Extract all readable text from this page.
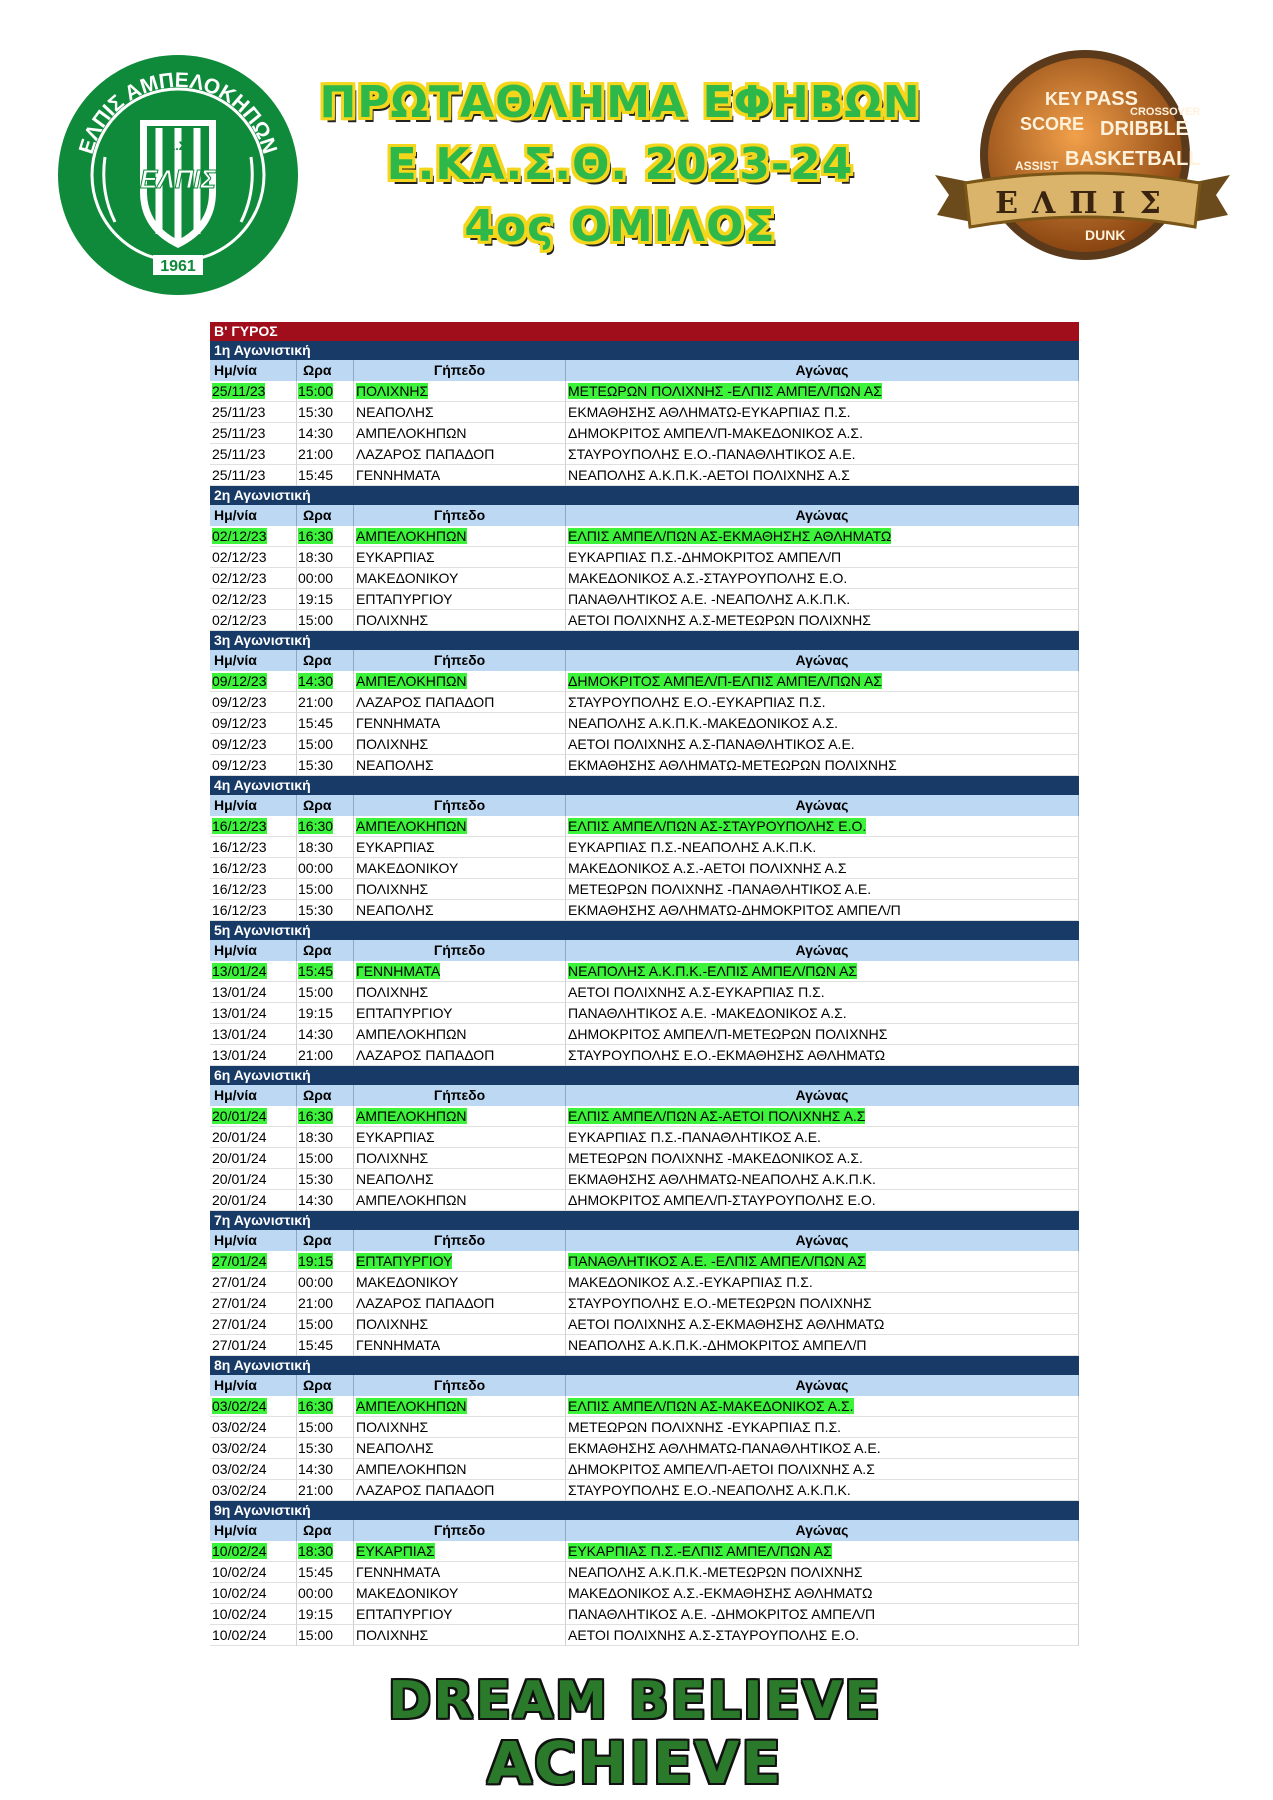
ΕΛΠΙΣ ΑΜΠΕΛΟΚΗΠΩΝ
Α.Σ.
ΕΛΠΙΣ
1961
ΠΡΩΤΑΘΛΗΜΑ ΕΦΗΒΩΝ
Ε.ΚΑ.Σ.Θ. 2023-24
4ος ΟΜΙΛΟΣ
KEY PASS
SCORE DRIBBLE
BASKETBALL
CROSSOVER
ASSIST
DUNK
ΕΛΠΙΣ
Β' ΓΥΡΟΣ
1η Αγωνιστική
Ημ/νία	Ωρα	Γήπεδο	Αγώνας
25/11/23	15:00	ΠΟΛΙΧΝΗΣ	ΜΕΤΕΩΡΩΝ ΠΟΛΙΧΝΗΣ -ΕΛΠΙΣ ΑΜΠΕΛ/ΠΩΝ ΑΣ
25/11/23	15:30	ΝΕΑΠΟΛΗΣ	ΕΚΜΑΘΗΣΗΣ ΑΘΛΗΜΑΤΩ-ΕΥΚΑΡΠΙΑΣ Π.Σ.
25/11/23	14:30	ΑΜΠΕΛΟΚΗΠΩΝ	ΔΗΜΟΚΡΙΤΟΣ ΑΜΠΕΛ/Π-ΜΑΚΕΔΟΝΙΚΟΣ Α.Σ.
25/11/23	21:00	ΛΑΖΑΡΟΣ ΠΑΠΑΔΟΠ	ΣΤΑΥΡΟΥΠΟΛΗΣ Ε.Ο.-ΠΑΝΑΘΛΗΤΙΚΟΣ Α.Ε.
25/11/23	15:45	ΓΕΝΝΗΜΑΤΑ	ΝΕΑΠΟΛΗΣ Α.Κ.Π.Κ.-ΑΕΤΟΙ ΠΟΛΙΧΝΗΣ Α.Σ
2η Αγωνιστική
Ημ/νία	Ωρα	Γήπεδο	Αγώνας
02/12/23	16:30	ΑΜΠΕΛΟΚΗΠΩΝ	ΕΛΠΙΣ ΑΜΠΕΛ/ΠΩΝ ΑΣ-ΕΚΜΑΘΗΣΗΣ ΑΘΛΗΜΑΤΩ
02/12/23	18:30	ΕΥΚΑΡΠΙΑΣ	ΕΥΚΑΡΠΙΑΣ Π.Σ.-ΔΗΜΟΚΡΙΤΟΣ ΑΜΠΕΛ/Π
02/12/23	00:00	ΜΑΚΕΔΟΝΙΚΟΥ	ΜΑΚΕΔΟΝΙΚΟΣ Α.Σ.-ΣΤΑΥΡΟΥΠΟΛΗΣ Ε.Ο.
02/12/23	19:15	ΕΠΤΑΠΥΡΓΙΟΥ	ΠΑΝΑΘΛΗΤΙΚΟΣ Α.Ε. -ΝΕΑΠΟΛΗΣ Α.Κ.Π.Κ.
02/12/23	15:00	ΠΟΛΙΧΝΗΣ	ΑΕΤΟΙ ΠΟΛΙΧΝΗΣ Α.Σ-ΜΕΤΕΩΡΩΝ ΠΟΛΙΧΝΗΣ
3η Αγωνιστική
Ημ/νία	Ωρα	Γήπεδο	Αγώνας
09/12/23	14:30	ΑΜΠΕΛΟΚΗΠΩΝ	ΔΗΜΟΚΡΙΤΟΣ ΑΜΠΕΛ/Π-ΕΛΠΙΣ ΑΜΠΕΛ/ΠΩΝ ΑΣ
09/12/23	21:00	ΛΑΖΑΡΟΣ ΠΑΠΑΔΟΠ	ΣΤΑΥΡΟΥΠΟΛΗΣ Ε.Ο.-ΕΥΚΑΡΠΙΑΣ Π.Σ.
09/12/23	15:45	ΓΕΝΝΗΜΑΤΑ	ΝΕΑΠΟΛΗΣ Α.Κ.Π.Κ.-ΜΑΚΕΔΟΝΙΚΟΣ Α.Σ.
09/12/23	15:00	ΠΟΛΙΧΝΗΣ	ΑΕΤΟΙ ΠΟΛΙΧΝΗΣ Α.Σ-ΠΑΝΑΘΛΗΤΙΚΟΣ Α.Ε.
09/12/23	15:30	ΝΕΑΠΟΛΗΣ	ΕΚΜΑΘΗΣΗΣ ΑΘΛΗΜΑΤΩ-ΜΕΤΕΩΡΩΝ ΠΟΛΙΧΝΗΣ
4η Αγωνιστική
Ημ/νία	Ωρα	Γήπεδο	Αγώνας
16/12/23	16:30	ΑΜΠΕΛΟΚΗΠΩΝ	ΕΛΠΙΣ ΑΜΠΕΛ/ΠΩΝ ΑΣ-ΣΤΑΥΡΟΥΠΟΛΗΣ Ε.Ο.
16/12/23	18:30	ΕΥΚΑΡΠΙΑΣ	ΕΥΚΑΡΠΙΑΣ Π.Σ.-ΝΕΑΠΟΛΗΣ Α.Κ.Π.Κ.
16/12/23	00:00	ΜΑΚΕΔΟΝΙΚΟΥ	ΜΑΚΕΔΟΝΙΚΟΣ Α.Σ.-ΑΕΤΟΙ ΠΟΛΙΧΝΗΣ Α.Σ
16/12/23	15:00	ΠΟΛΙΧΝΗΣ	ΜΕΤΕΩΡΩΝ ΠΟΛΙΧΝΗΣ -ΠΑΝΑΘΛΗΤΙΚΟΣ Α.Ε.
16/12/23	15:30	ΝΕΑΠΟΛΗΣ	ΕΚΜΑΘΗΣΗΣ ΑΘΛΗΜΑΤΩ-ΔΗΜΟΚΡΙΤΟΣ ΑΜΠΕΛ/Π
5η Αγωνιστική
Ημ/νία	Ωρα	Γήπεδο	Αγώνας
13/01/24	15:45	ΓΕΝΝΗΜΑΤΑ	ΝΕΑΠΟΛΗΣ Α.Κ.Π.Κ.-ΕΛΠΙΣ ΑΜΠΕΛ/ΠΩΝ ΑΣ
13/01/24	15:00	ΠΟΛΙΧΝΗΣ	ΑΕΤΟΙ ΠΟΛΙΧΝΗΣ Α.Σ-ΕΥΚΑΡΠΙΑΣ Π.Σ.
13/01/24	19:15	ΕΠΤΑΠΥΡΓΙΟΥ	ΠΑΝΑΘΛΗΤΙΚΟΣ Α.Ε. -ΜΑΚΕΔΟΝΙΚΟΣ Α.Σ.
13/01/24	14:30	ΑΜΠΕΛΟΚΗΠΩΝ	ΔΗΜΟΚΡΙΤΟΣ ΑΜΠΕΛ/Π-ΜΕΤΕΩΡΩΝ ΠΟΛΙΧΝΗΣ
13/01/24	21:00	ΛΑΖΑΡΟΣ ΠΑΠΑΔΟΠ	ΣΤΑΥΡΟΥΠΟΛΗΣ Ε.Ο.-ΕΚΜΑΘΗΣΗΣ ΑΘΛΗΜΑΤΩ
6η Αγωνιστική
Ημ/νία	Ωρα	Γήπεδο	Αγώνας
20/01/24	16:30	ΑΜΠΕΛΟΚΗΠΩΝ	ΕΛΠΙΣ ΑΜΠΕΛ/ΠΩΝ ΑΣ-ΑΕΤΟΙ ΠΟΛΙΧΝΗΣ Α.Σ
20/01/24	18:30	ΕΥΚΑΡΠΙΑΣ	ΕΥΚΑΡΠΙΑΣ Π.Σ.-ΠΑΝΑΘΛΗΤΙΚΟΣ Α.Ε.
20/01/24	15:00	ΠΟΛΙΧΝΗΣ	ΜΕΤΕΩΡΩΝ ΠΟΛΙΧΝΗΣ -ΜΑΚΕΔΟΝΙΚΟΣ Α.Σ.
20/01/24	15:30	ΝΕΑΠΟΛΗΣ	ΕΚΜΑΘΗΣΗΣ ΑΘΛΗΜΑΤΩ-ΝΕΑΠΟΛΗΣ Α.Κ.Π.Κ.
20/01/24	14:30	ΑΜΠΕΛΟΚΗΠΩΝ	ΔΗΜΟΚΡΙΤΟΣ ΑΜΠΕΛ/Π-ΣΤΑΥΡΟΥΠΟΛΗΣ Ε.Ο.
7η Αγωνιστική
Ημ/νία	Ωρα	Γήπεδο	Αγώνας
27/01/24	19:15	ΕΠΤΑΠΥΡΓΙΟΥ	ΠΑΝΑΘΛΗΤΙΚΟΣ Α.Ε. -ΕΛΠΙΣ ΑΜΠΕΛ/ΠΩΝ ΑΣ
27/01/24	00:00	ΜΑΚΕΔΟΝΙΚΟΥ	ΜΑΚΕΔΟΝΙΚΟΣ Α.Σ.-ΕΥΚΑΡΠΙΑΣ Π.Σ.
27/01/24	21:00	ΛΑΖΑΡΟΣ ΠΑΠΑΔΟΠ	ΣΤΑΥΡΟΥΠΟΛΗΣ Ε.Ο.-ΜΕΤΕΩΡΩΝ ΠΟΛΙΧΝΗΣ
27/01/24	15:00	ΠΟΛΙΧΝΗΣ	ΑΕΤΟΙ ΠΟΛΙΧΝΗΣ Α.Σ-ΕΚΜΑΘΗΣΗΣ ΑΘΛΗΜΑΤΩ
27/01/24	15:45	ΓΕΝΝΗΜΑΤΑ	ΝΕΑΠΟΛΗΣ Α.Κ.Π.Κ.-ΔΗΜΟΚΡΙΤΟΣ ΑΜΠΕΛ/Π
8η Αγωνιστική
Ημ/νία	Ωρα	Γήπεδο	Αγώνας
03/02/24	16:30	ΑΜΠΕΛΟΚΗΠΩΝ	ΕΛΠΙΣ ΑΜΠΕΛ/ΠΩΝ ΑΣ-ΜΑΚΕΔΟΝΙΚΟΣ Α.Σ.
03/02/24	15:00	ΠΟΛΙΧΝΗΣ	ΜΕΤΕΩΡΩΝ ΠΟΛΙΧΝΗΣ -ΕΥΚΑΡΠΙΑΣ Π.Σ.
03/02/24	15:30	ΝΕΑΠΟΛΗΣ	ΕΚΜΑΘΗΣΗΣ ΑΘΛΗΜΑΤΩ-ΠΑΝΑΘΛΗΤΙΚΟΣ Α.Ε.
03/02/24	14:30	ΑΜΠΕΛΟΚΗΠΩΝ	ΔΗΜΟΚΡΙΤΟΣ ΑΜΠΕΛ/Π-ΑΕΤΟΙ ΠΟΛΙΧΝΗΣ Α.Σ
03/02/24	21:00	ΛΑΖΑΡΟΣ ΠΑΠΑΔΟΠ	ΣΤΑΥΡΟΥΠΟΛΗΣ Ε.Ο.-ΝΕΑΠΟΛΗΣ Α.Κ.Π.Κ.
9η Αγωνιστική
Ημ/νία	Ωρα	Γήπεδο	Αγώνας
10/02/24	18:30	ΕΥΚΑΡΠΙΑΣ	ΕΥΚΑΡΠΙΑΣ Π.Σ.-ΕΛΠΙΣ ΑΜΠΕΛ/ΠΩΝ ΑΣ
10/02/24	15:45	ΓΕΝΝΗΜΑΤΑ	ΝΕΑΠΟΛΗΣ Α.Κ.Π.Κ.-ΜΕΤΕΩΡΩΝ ΠΟΛΙΧΝΗΣ
10/02/24	00:00	ΜΑΚΕΔΟΝΙΚΟΥ	ΜΑΚΕΔΟΝΙΚΟΣ Α.Σ.-ΕΚΜΑΘΗΣΗΣ ΑΘΛΗΜΑΤΩ
10/02/24	19:15	ΕΠΤΑΠΥΡΓΙΟΥ	ΠΑΝΑΘΛΗΤΙΚΟΣ Α.Ε. -ΔΗΜΟΚΡΙΤΟΣ ΑΜΠΕΛ/Π
10/02/24	15:00	ΠΟΛΙΧΝΗΣ	ΑΕΤΟΙ ΠΟΛΙΧΝΗΣ Α.Σ-ΣΤΑΥΡΟΥΠΟΛΗΣ Ε.Ο.
DREAM BELIEVE
ACHIEVE
